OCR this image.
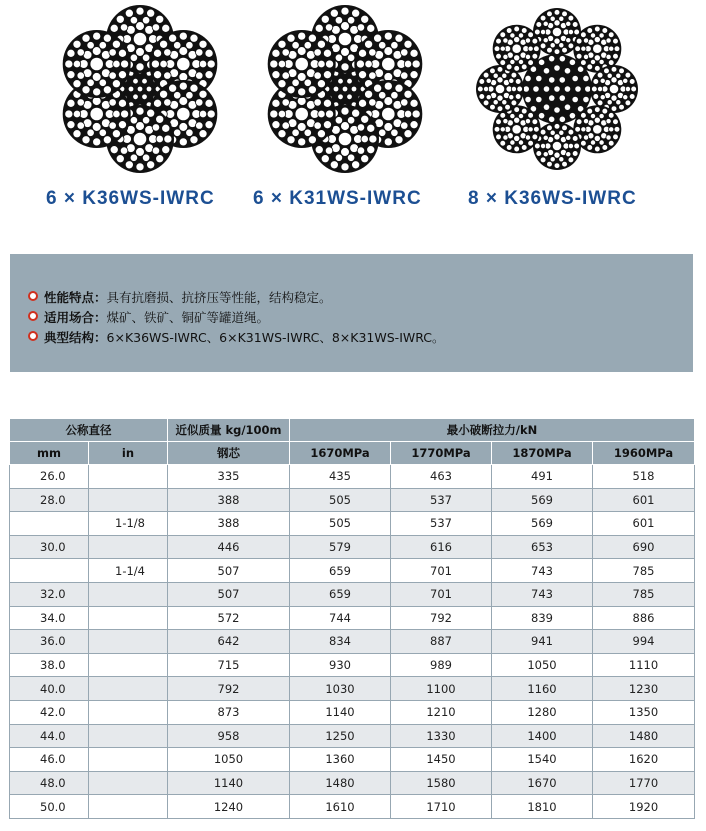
6 × K36WS-IWRC 6 × K31WS-IWRC 8 × K36WS-IWRC
性能特点：具有抗磨损、抗挤压等性能，结构稳定。
适用场合：煤矿、铁矿、铜矿等罐道绳。
典型结构：6×K36WS-IWRC、6×K31WS-IWRC、8×K31WS-IWRC。
公称直径		近似质量 kg/100m	最小破断拉力/kN			
mm	in	钢芯	1670MPa	1770MPa	1870MPa	1960MPa
26.0		335	435	463	491	518
28.0		388	505	537	569	601
	1-1/8	388	505	537	569	601
30.0		446	579	616	653	690
	1-1/4	507	659	701	743	785
32.0		507	659	701	743	785
34.0		572	744	792	839	886
36.0		642	834	887	941	994
38.0		715	930	989	1050	1110
40.0		792	1030	1100	1160	1230
42.0		873	1140	1210	1280	1350
44.0		958	1250	1330	1400	1480
46.0		1050	1360	1450	1540	1620
48.0		1140	1480	1580	1670	1770
50.0		1240	1610	1710	1810	1920
